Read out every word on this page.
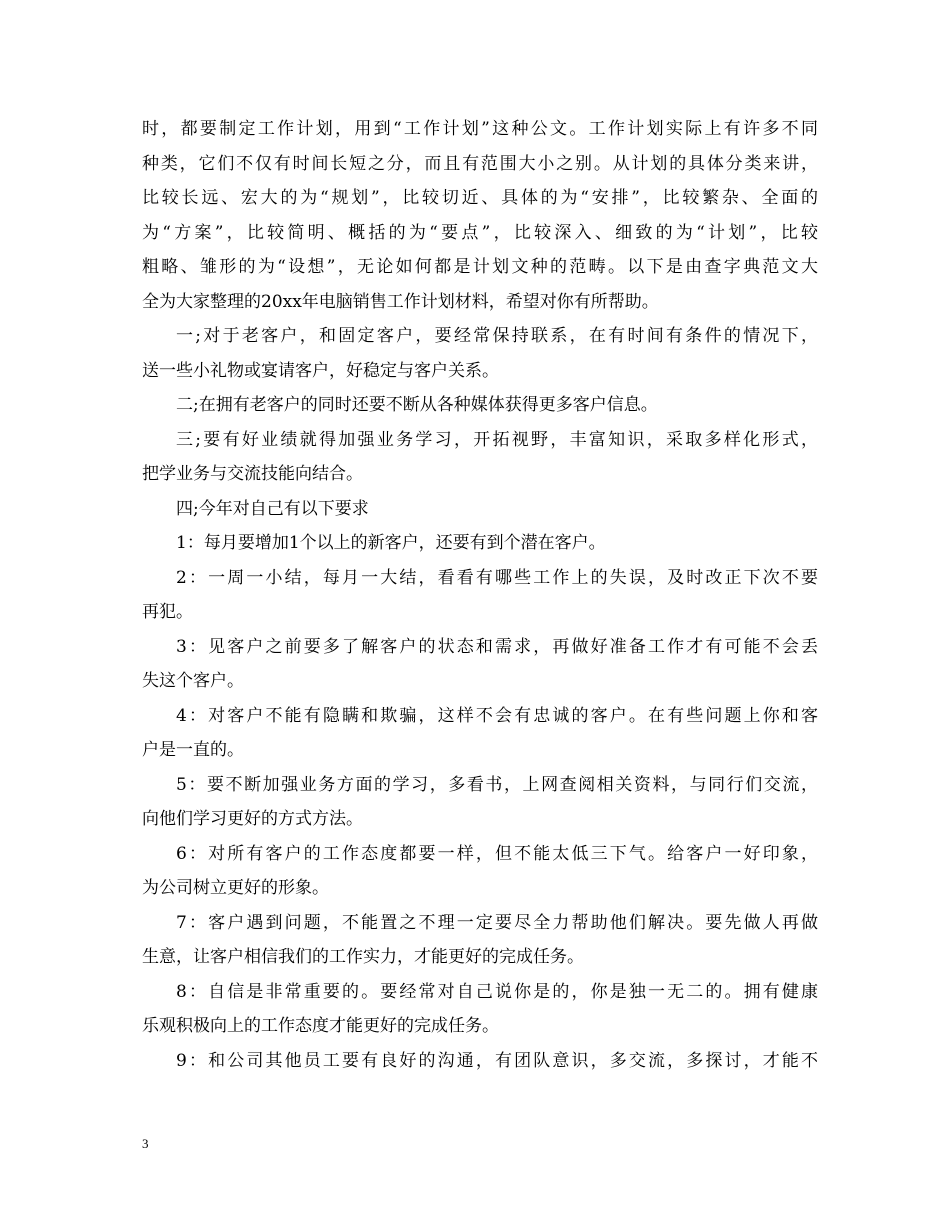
时，都要制定工作计划，用到“工作计划”这种公文。工作计划实际上有许多不同
种类，它们不仅有时间长短之分，而且有范围大小之别。从计划的具体分类来讲，
比较长远、宏大的为“规划”，比较切近、具体的为“安排”，比较繁杂、全面的
为“方案”，比较简明、概括的为“要点”，比较深入、细致的为“计划”，比较
粗略、雏形的为“设想”，无论如何都是计划文种的范畴。以下是由查字典范文大
全为大家整理的20xx年电脑销售工作计划材料，希望对你有所帮助。
一;对于老客户，和固定客户，要经常保持联系，在有时间有条件的情况下，
送一些小礼物或宴请客户，好稳定与客户关系。
二;在拥有老客户的同时还要不断从各种媒体获得更多客户信息。
三;要有好业绩就得加强业务学习，开拓视野，丰富知识，采取多样化形式，
把学业务与交流技能向结合。
四;今年对自己有以下要求
1：每月要增加1个以上的新客户，还要有到个潜在客户。
2：一周一小结，每月一大结，看看有哪些工作上的失误，及时改正下次不要
再犯。
3：见客户之前要多了解客户的状态和需求，再做好准备工作才有可能不会丢
失这个客户。
4：对客户不能有隐瞒和欺骗，这样不会有忠诚的客户。在有些问题上你和客
户是一直的。
5：要不断加强业务方面的学习，多看书，上网查阅相关资料，与同行们交流，
向他们学习更好的方式方法。
6：对所有客户的工作态度都要一样，但不能太低三下气。给客户一好印象，
为公司树立更好的形象。
7：客户遇到问题，不能置之不理一定要尽全力帮助他们解决。要先做人再做
生意，让客户相信我们的工作实力，才能更好的完成任务。
8：自信是非常重要的。要经常对自己说你是的，你是独一无二的。拥有健康
乐观积极向上的工作态度才能更好的完成任务。
9：和公司其他员工要有良好的沟通，有团队意识，多交流，多探讨，才能不
3
